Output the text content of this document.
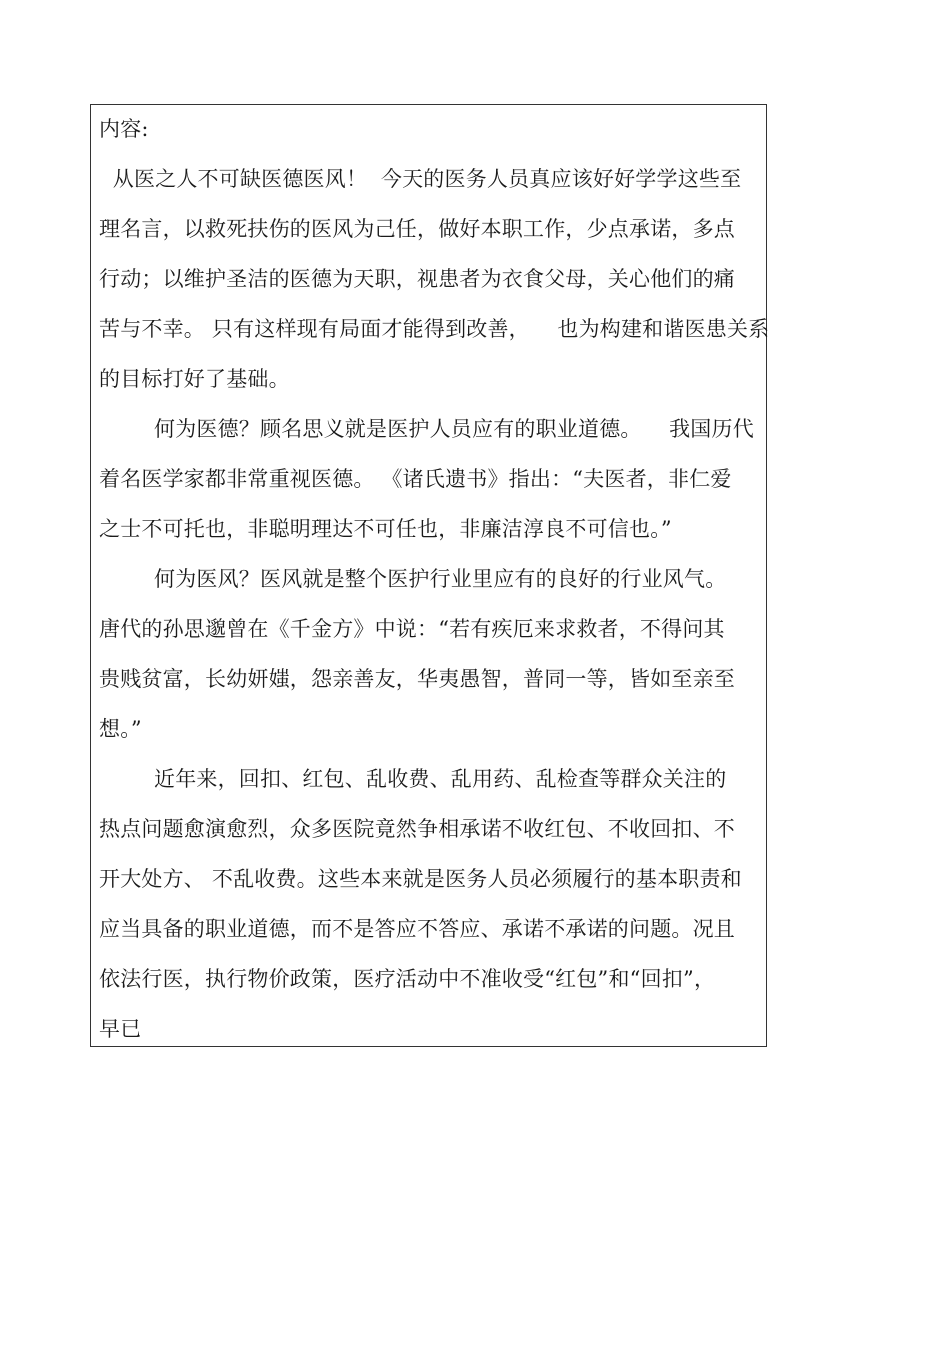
内容:
从医之人不可缺医德医风！  今天的医务人员真应该好好学学这些至
理名言，以救死扶伤的医风为己任，做好本职工作，少点承诺，多点
行动；以维护圣洁的医德为天职，视患者为衣食父母，关心他们的痛
苦与不幸。 只有这样现有局面才能得到改善，    也为构建和谐医患关系
的目标打好了基础。
何为医德？顾名思义就是医护人员应有的职业道德。    我国历代
着名医学家都非常重视医德。 《诸氏遗书》指出：“夫医者，非仁爱
之士不可托也，非聪明理达不可任也，非廉洁淳良不可信也。”
何为医风？医风就是整个医护行业里应有的良好的行业风气。
唐代的孙思邈曾在《千金方》中说：“若有疾厄来求救者，不得问其
贵贱贫富，长幼妍媸，怨亲善友，华夷愚智，普同一等，皆如至亲至
想。”
近年来，回扣、红包、乱收费、乱用药、乱检查等群众关注的
热点问题愈演愈烈，众多医院竟然争相承诺不收红包、不收回扣、不
开大处方、 不乱收费。这些本来就是医务人员必须履行的基本职责和
应当具备的职业道德，而不是答应不答应、承诺不承诺的问题。况且
依法行医，执行物价政策，医疗活动中不准收受“红包”和“回扣”，
早已
